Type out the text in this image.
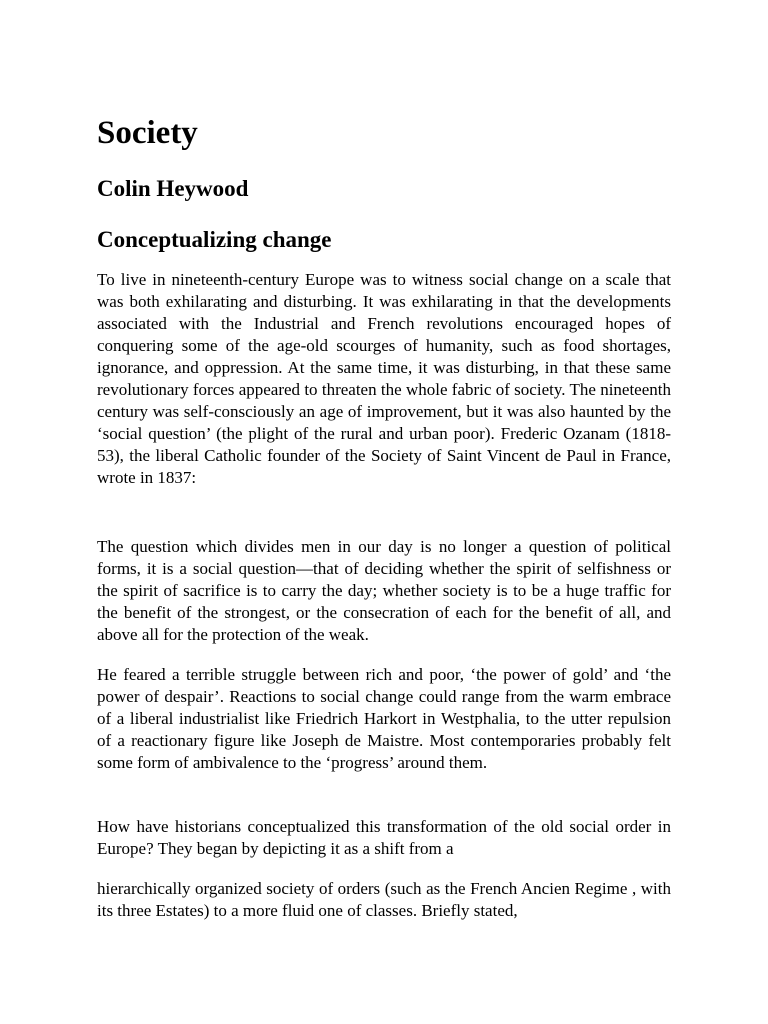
Society
Colin Heywood
Conceptualizing change

To live in nineteenth-century Europe was to witness social change on a scale that was both exhilarating and disturbing. It was exhilarating in that the developments associated with the Industrial and French revolutions encouraged hopes of conquering some of the age-old scourges of humanity, such as food shortages, ignorance, and oppression. At the same time, it was disturbing, in that these same revolutionary forces appeared to threaten the whole fabric of society. The nineteenth century was self-consciously an age of improvement, but it was also haunted by the ‘social question’ (the plight of the rural and urban poor). Frederic Ozanam (1818-53), the liberal Catholic founder of the Society of Saint Vincent de Paul in France, wrote in 1837:

The question which divides men in our day is no longer a question of political forms, it is a social question—that of deciding whether the spirit of selfishness or the spirit of sacrifice is to carry the day; whether society is to be a huge traffic for the benefit of the strongest, or the consecration of each for the benefit of all, and above all for the protection of the weak.

He feared a terrible struggle between rich and poor, ‘the power of gold’ and ‘the power of despair’. Reactions to social change could range from the warm embrace of a liberal industrialist like Friedrich Harkort in Westphalia, to the utter repulsion of a reactionary figure like Joseph de Maistre. Most contemporaries probably felt some form of ambivalence to the ‘progress’ around them.

How have historians conceptualized this transformation of the old social order in Europe? They began by depicting it as a shift from a

hierarchically organized society of orders (such as the French Ancien Regime , with its three Estates) to a more fluid one of classes. Briefly stated,
